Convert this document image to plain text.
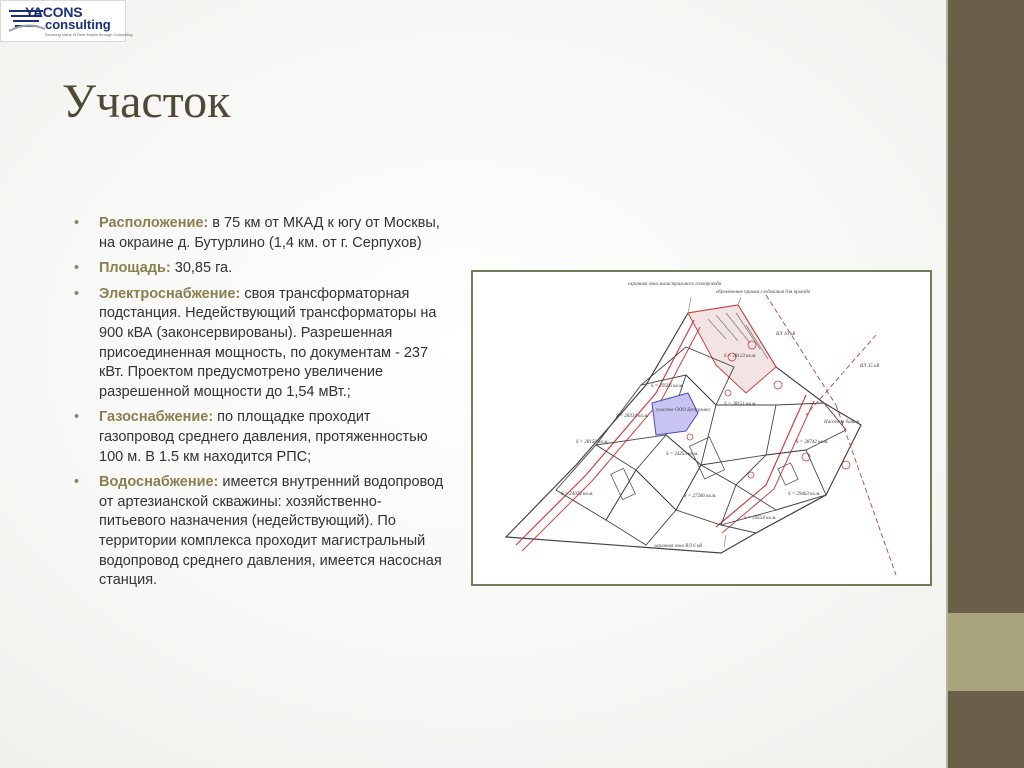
YACONS
consulting
Securing Value in Real Estate through Consulting
Участок
• Расположение: в 75 км от МКАД к югу от Москвы, на окраине д. Бутурлино (1,4 км. от г. Серпухов)
• Площадь: 30,85 га.
• Электроснабжение: своя трансформаторная подстанция. Недействующий трансформаторы на 900 кВА (законсервированы). Разрешенная присоединенная мощность, по документам - 237 кВт. Проектом предусмотрено увеличение разрешенной мощности до 1,54 мВт.;
• Газоснабжение: по площадке проходит газопровод среднего давления, протяженностью 100 м. В 1.5 км находится РПС;
• Водоснабжение: имеется внутренний водопровод от артезианской скважины: хозяйственно-питьевого назначения (недействующий). По территории комплекса проходит магистральный водопровод среднего давления, имеется насосная станция.
охранная зона магистрального газопровода
обременение правом следования для проезда
участок ООО Бутурлино
охранная зона ВЛ 6 кВ
Насосная башня
ВЛ 10 кВ
ВЛ 35 кВ
S = 28123 кв.м.
S = 29506 кв.м.
S = 28151 кв.м.
S = 28334 кв.м.
S = 28150 кв.м.
S = 24253 кв.м.
S = 28742 кв.м.
S = 24072 кв.м.	S = 27266 кв.м.	S = 29463 кв.м.
S = 29554 кв.м.
